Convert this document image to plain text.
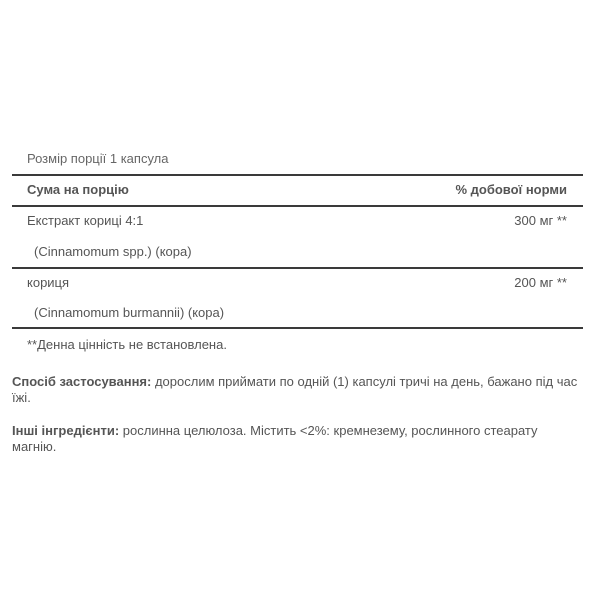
Розмір порції 1 капсула
Сума на порцію	% добової норми
Екстракт кориці 4:1	300 мг **
(Cinnamomum spp.) (кора)
кориця	200 мг **
(Cinnamomum burmannii) (кора)
**Денна цінність не встановлена.
Спосіб застосування: дорослим приймати по одній (1) капсулі тричі на день, бажано під час їжі.
Інші інгредієнти: рослинна целюлоза. Містить <2%: кремнезему, рослинного стеарату магнію.
